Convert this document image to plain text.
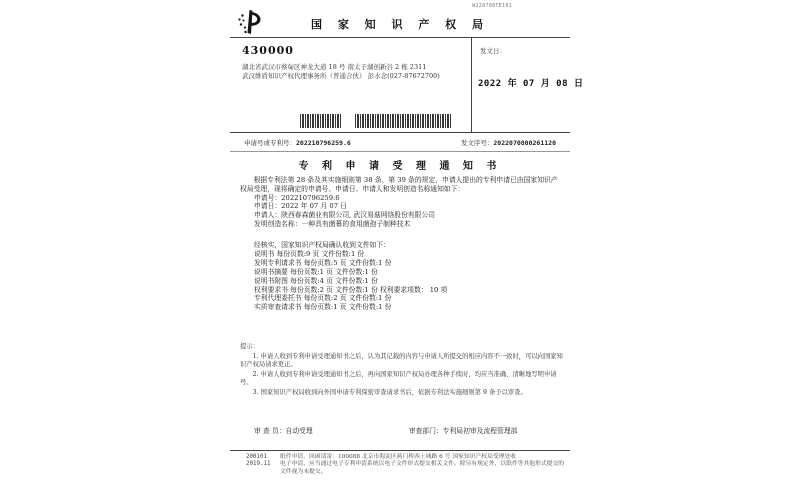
W220708TE101
国 家 知 识 产 权 局
430000
湖北省武汉市蔡甸区神龙大道 18 号 南太子湖创新谷 2 栋 2311
武汉维盾知识产权代理事务所（普通合伙） 彭水念(027-87672700)
发文日：
2022 年 07 月 08 日
申请号或专利号：202210796259.6	发文序号：2022070800261120
专 利 申 请 受 理 通 知 书
根据专利法第 28 条及其实施细则第 38 条、第 39 条的规定，申请人提出的专利申请已由国家知识产权局受理，现将确定的申请号、申请日、申请人和发明创造名称通知如下：
申请号：202210796259.6
申请日：2022 年 07 月 07 日
申请人：陕西春森菌业有限公司, 武汉易菇网络股份有限公司
发明创造名称：一种具有菌幕的食用菌孢子制种技术
经核实，国家知识产权局确认收到文件如下：
说明书 每份页数:9 页 文件份数:1 份
发明专利请求书 每份页数:5 页 文件份数:1 份
说明书摘要 每份页数:1 页 文件份数:1 份
说明书附图 每份页数:4 页 文件份数:1 份
权利要求书 每份页数:2 页 文件份数:1 份 权利要求项数： 10 项
专利代理委托书 每份页数:2 页 文件份数:1 份
实质审查请求书 每份页数:1 页 文件份数:1 份
提示：
1. 申请人收到专利申请受理通知书之后，认为其记载的内容与申请人所提交的相应内容不一致时，可以向国家知识产权局请求更正。
2. 申请人收到专利申请受理通知书之后，再向国家知识产权局办理各种手续时，均应当准确、清晰地写明申请号。
3. 国家知识产权局收到向外国申请专利保密审查请求书后，依据专利法实施细则第 9 条予以审查。
审 查 员：自动受理	审查部门：专利局初审及流程管理部
200101	纸件申请，回函请寄：100088 北京市海淀区蓟门桥西土城路 6 号 国家知识产权局受理处收
2019.11	电子申请，应当通过电子专利申请系统以电子文件形式提交相关文件。除另有规定外，以纸件等其他形式提交的文件视为未提交。
